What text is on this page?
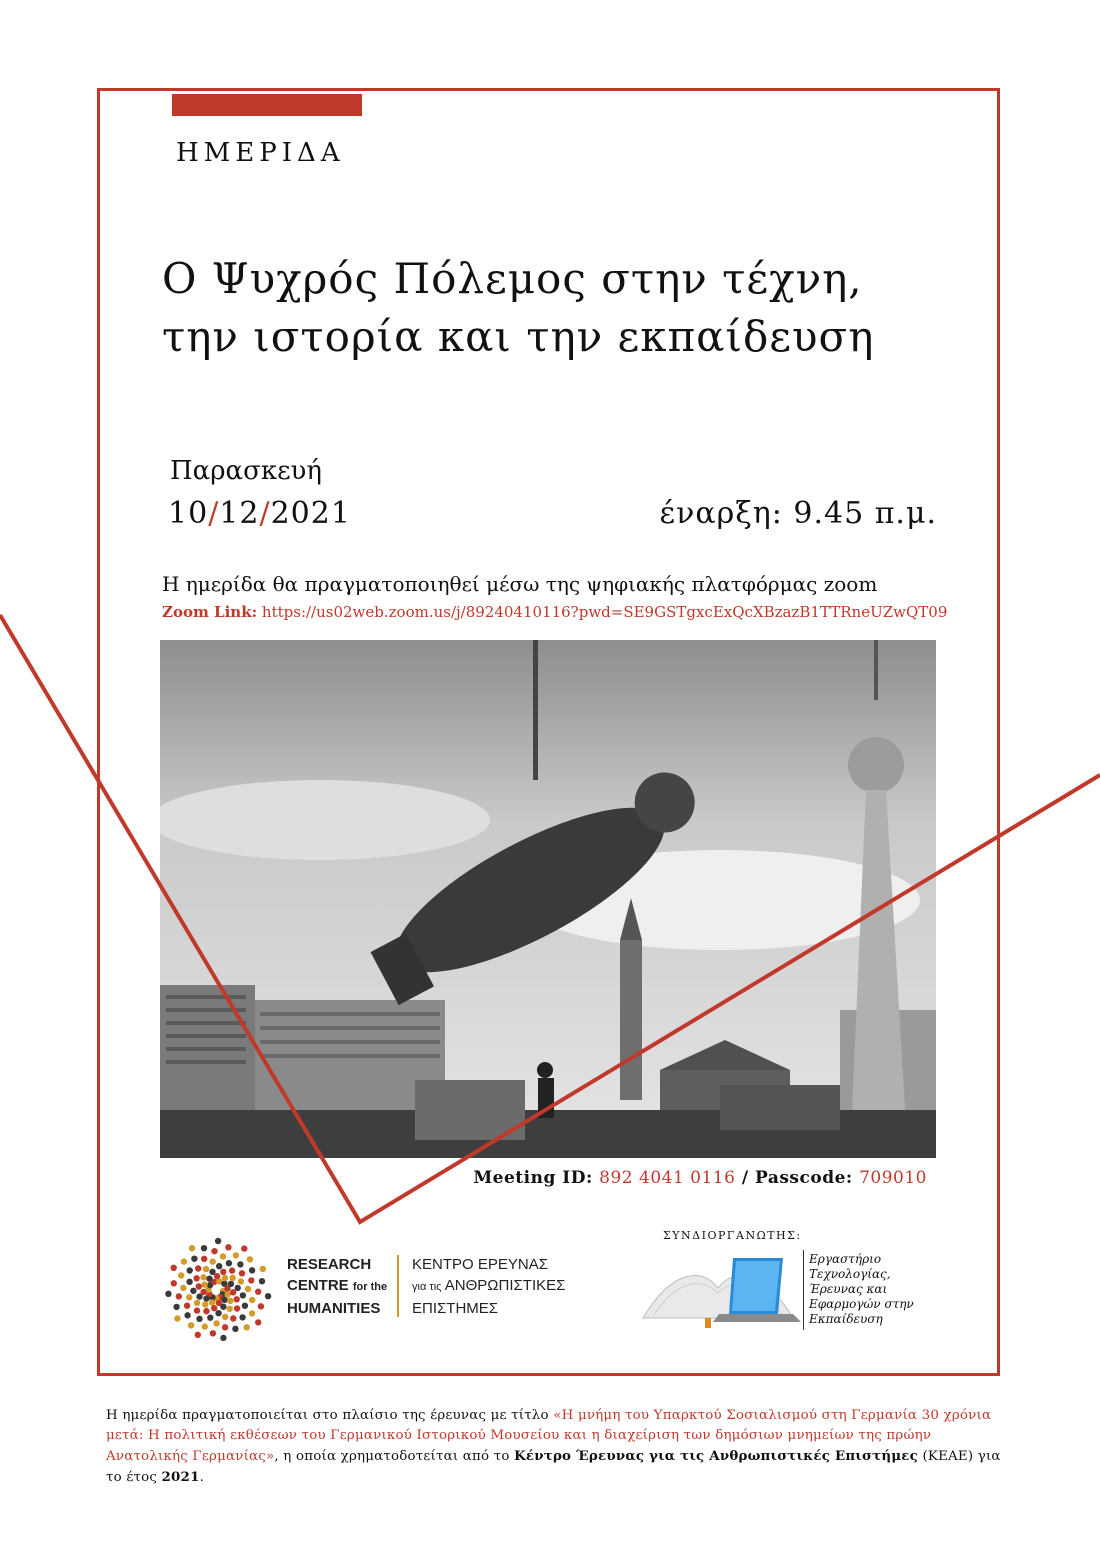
ΗΜΕΡΙΔΑ
Ο Ψυχρός Πόλεμος στην τέχνη,
την ιστορία και την εκπαίδευση
Παρασκευή
10/12/2021	έναρξη: 9.45 π.μ.
Η ημερίδα θα πραγματοποιηθεί μέσω της ψηφιακής πλατφόρμας zoom
Zoom Link: https://us02web.zoom.us/j/89240410116?pwd=SE9GSTgxcExQcXBzazB1TTRneUZwQT09
Meeting ID: 892 4041 0116 / Passcode: 709010
RESEARCH
CENTRE for the
HUMANITIES
ΚΕΝΤΡΟ ΕΡΕΥΝΑΣ
για τις ΑΝΘΡΩΠΙΣΤΙΚΕΣ
ΕΠΙΣΤΗΜΕΣ
ΣΥΝΔΙΟΡΓΑΝΩΤΗΣ:
Εργαστήριο
Τεχνολογίας,
Έρευνας και
Εφαρμογών στην
Εκπαίδευση
Η ημερίδα πραγματοποιείται στο πλαίσιο της έρευνας με τίτλο «Η μνήμη του Υπαρκτού Σοσιαλισμού στη Γερμανία 30 χρόνια μετά: Η πολιτική εκθέσεων του Γερμανικού Ιστορικού Μουσείου και η διαχείριση των δημόσιων μνημείων της πρώην Ανατολικής Γερμανίας», η οποία χρηματοδοτείται από το Κέντρο Έρευνας για τις Ανθρωπιστικές Επιστήμες (ΚΕΑΕ) για το έτος 2021.
